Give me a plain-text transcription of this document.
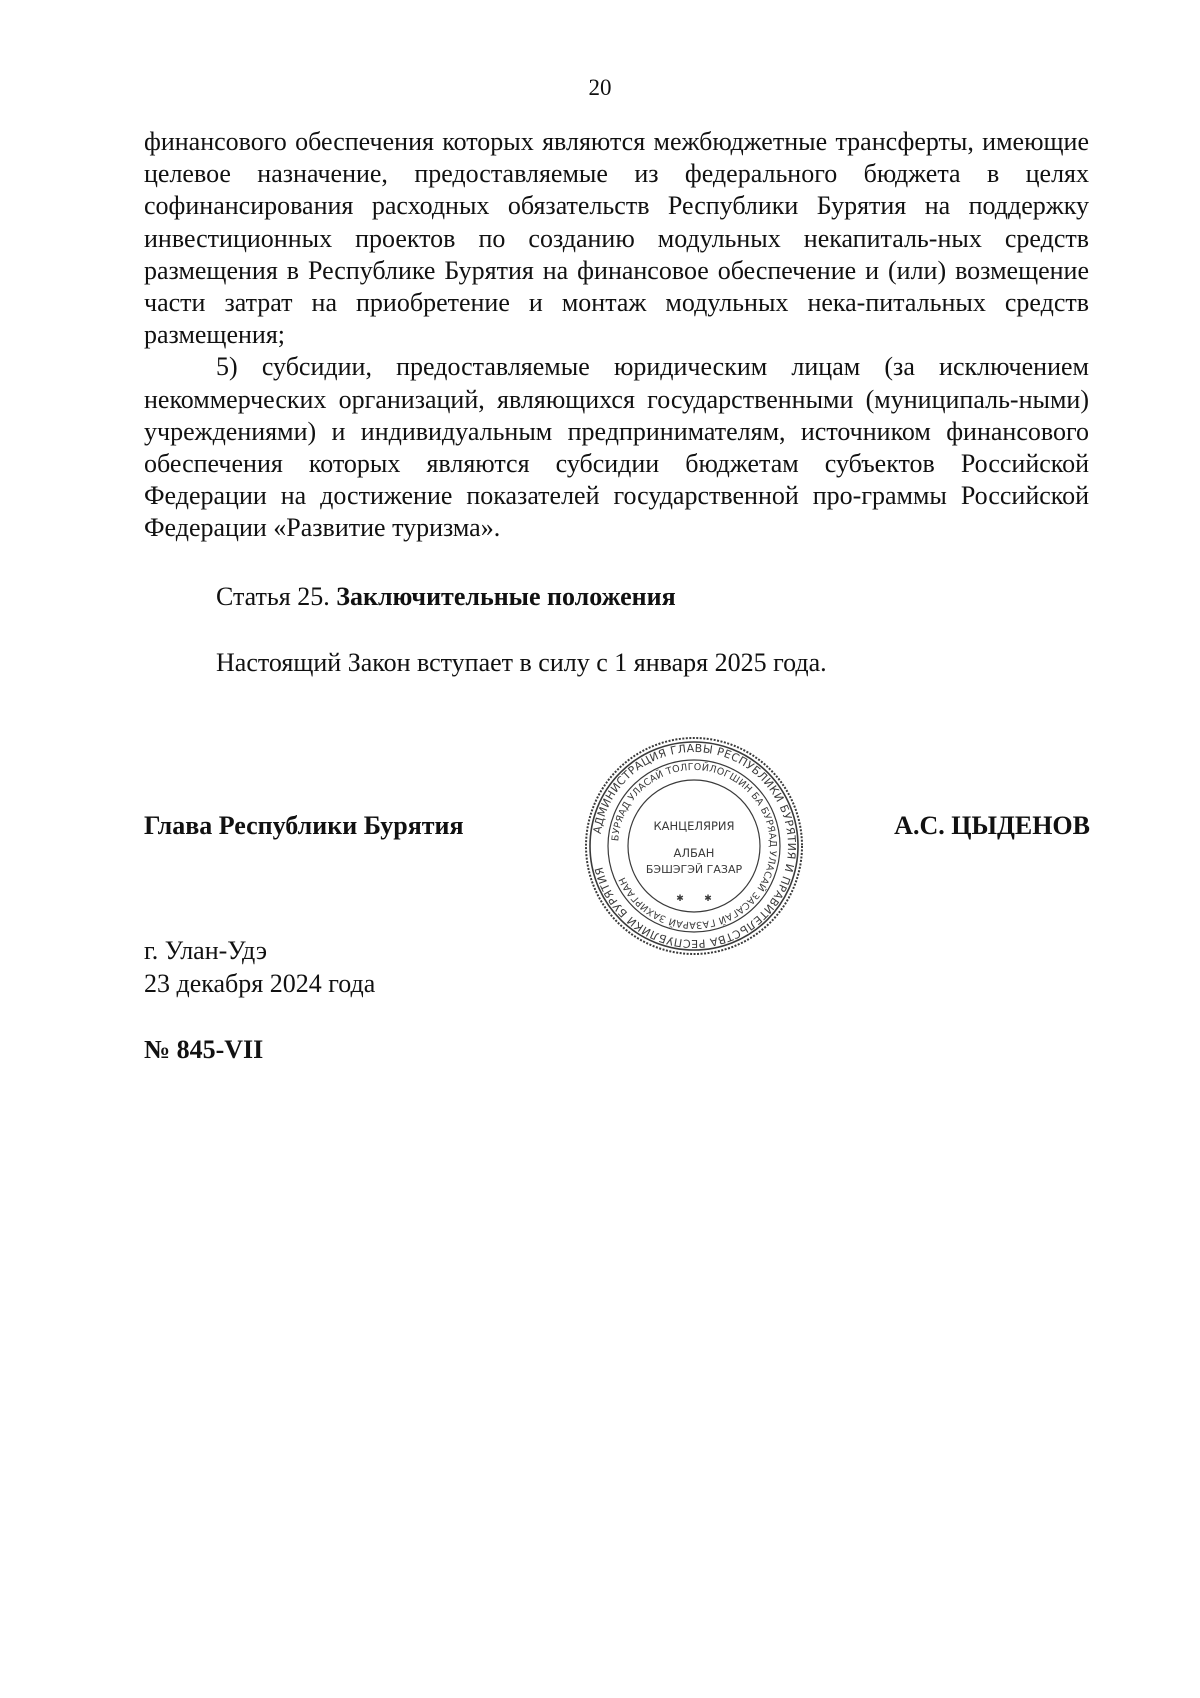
20

финансового обеспечения которых являются межбюджетные трансферты, имеющие целевое назначение, предоставляемые из федерального бюджета в целях софинансирования расходных обязательств Республики Бурятия на поддержку инвестиционных проектов по созданию модульных некапиталь-ных средств размещения в Республике Бурятия на финансовое обеспечение и (или) возмещение части затрат на приобретение и монтаж модульных нека-питальных средств размещения;

5) субсидии, предоставляемые юридическим лицам (за исключением некоммерческих организаций, являющихся государственными (муниципаль-ными) учреждениями) и индивидуальным предпринимателям, источником финансового обеспечения которых являются субсидии бюджетам субъектов Российской Федерации на достижение показателей государственной про-граммы Российской Федерации «Развитие туризма».

Статья 25. Заключительные положения
Настоящий Закон вступает в силу с 1 января 2025 года.
Глава Республики Бурятия	АДМИНИСТРАЦИЯ ГЛАВЫ РЕСПУБЛИКИ БУРЯТИЯ И ПРАВИТЕЛЬСТВА РЕСПУБЛИКИ БУРЯТИЯ
БУРЯАД УЛАСАЙ ТОЛГОЙЛОГШИН БА БУРЯАД УЛАСАЙ ЗАСАГАЙ ГАЗАРАЙ ЗАХИРГААН
КАНЦЕЛЯРИЯ
АЛБАН
БЭШЭГЭЙ ГАЗАР
✱ ✱
А.С. ЦЫДЕНОВ
г. Улан-Удэ
23 декабря 2024 года
№ 845-VII
